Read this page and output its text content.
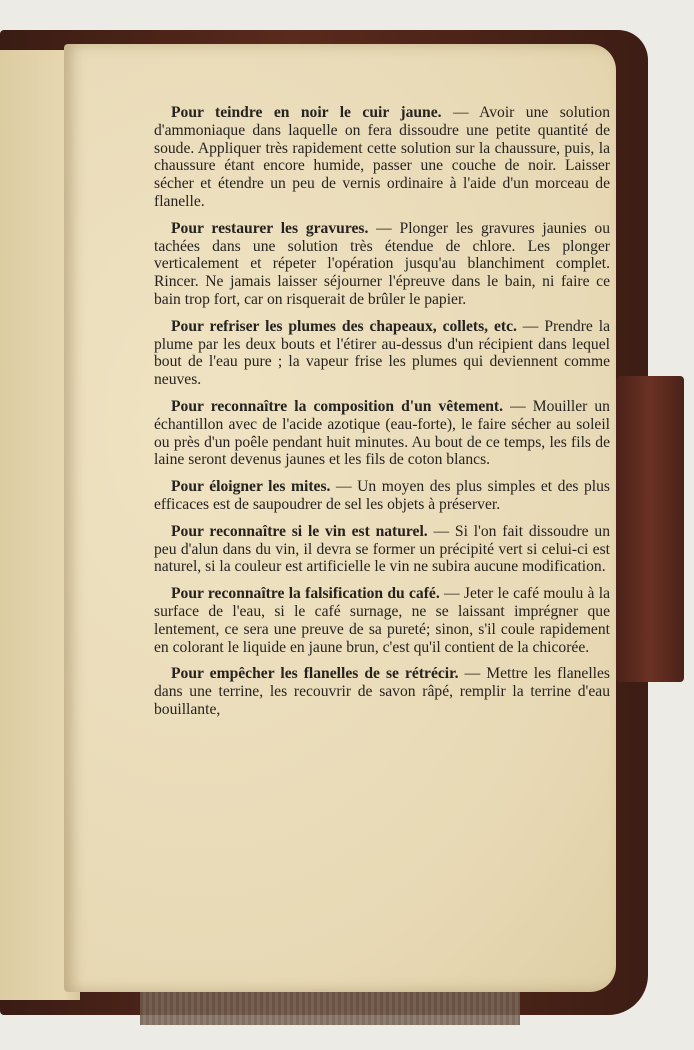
Pour teindre en noir le cuir jaune. — Avoir une solution d'ammoniaque dans laquelle on fera dissoudre une petite quantité de soude. Appliquer très rapidement cette solution sur la chaussure, puis, la chaussure étant encore humide, passer une couche de noir. Laisser sécher et étendre un peu de vernis ordinaire à l'aide d'un morceau de flanelle.

Pour restaurer les gravures. — Plonger les gravures jaunies ou tachées dans une solution très étendue de chlore. Les plonger verticalement et répeter l'opération jusqu'au blanchiment complet. Rincer. Ne jamais laisser séjourner l'épreuve dans le bain, ni faire ce bain trop fort, car on risquerait de brûler le papier.

Pour refriser les plumes des chapeaux, collets, etc. — Prendre la plume par les deux bouts et l'étirer au-dessus d'un récipient dans lequel bout de l'eau pure ; la vapeur frise les plumes qui deviennent comme neuves.

Pour reconnaître la composition d'un vêtement. — Mouiller un échantillon avec de l'acide azotique (eau-forte), le faire sécher au soleil ou près d'un poêle pendant huit minutes. Au bout de ce temps, les fils de laine seront devenus jaunes et les fils de coton blancs.

Pour éloigner les mites. — Un moyen des plus simples et des plus efficaces est de saupoudrer de sel les objets à préserver.

Pour reconnaître si le vin est naturel. — Si l'on fait dissoudre un peu d'alun dans du vin, il devra se former un précipité vert si celui-ci est naturel, si la couleur est artificielle le vin ne subira aucune modification.

Pour reconnaître la falsification du café. — Jeter le café moulu à la surface de l'eau, si le café surnage, ne se laissant imprégner que lentement, ce sera une preuve de sa pureté; sinon, s'il coule rapidement en colorant le liquide en jaune brun, c'est qu'il contient de la chicorée.

Pour empêcher les flanelles de se rétrécir. — Mettre les flanelles dans une terrine, les recouvrir de savon râpé, remplir la terrine d'eau bouillante,
